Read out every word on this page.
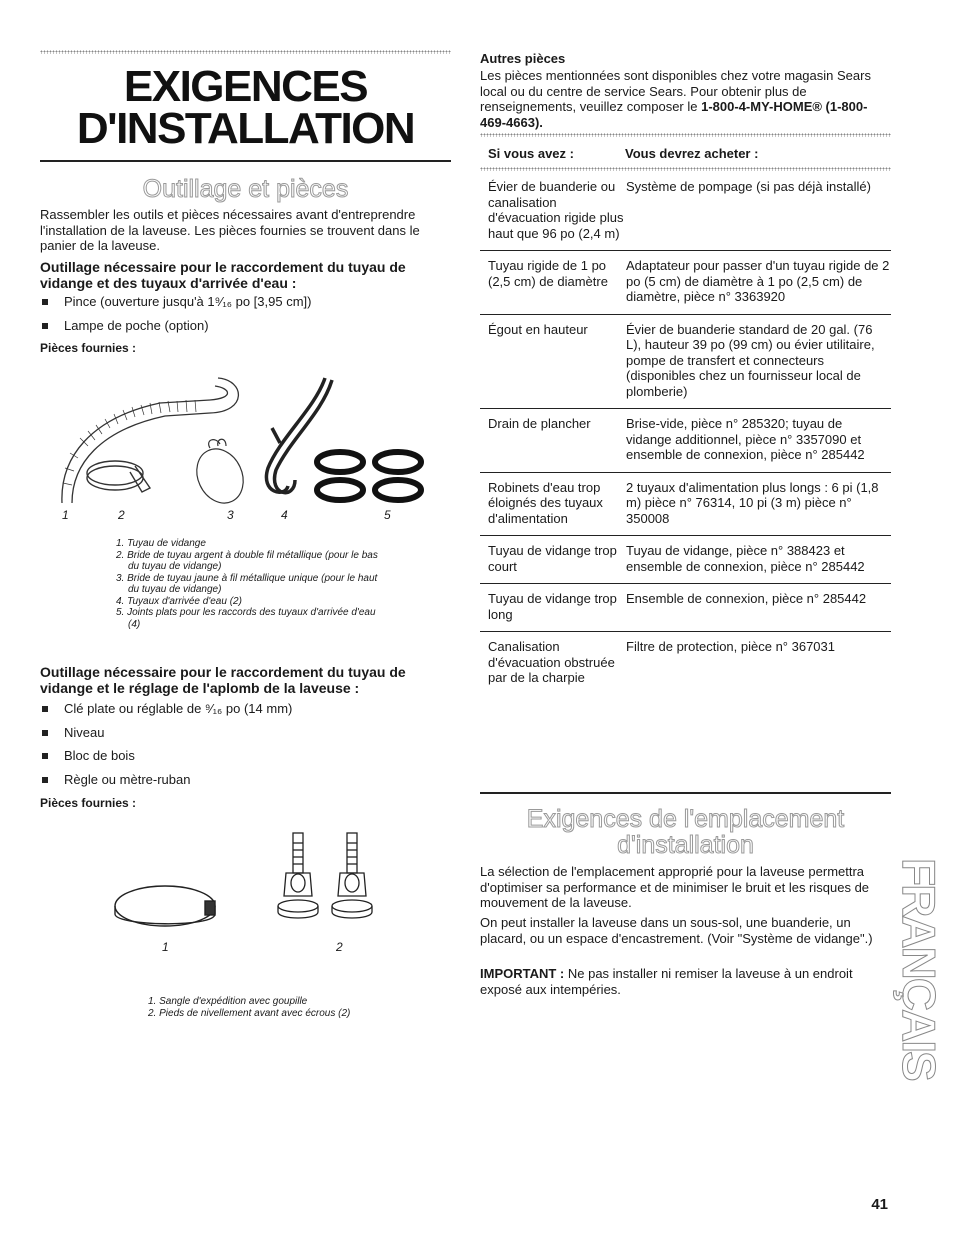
EXIGENCES
D'INSTALLATION
Outillage et pièces

Rassembler les outils et pièces nécessaires avant d'entreprendre l'installation de la laveuse. Les pièces fournies se trouvent dans le panier de la laveuse.

Outillage nécessaire pour le raccordement du tuyau de vidange et des tuyaux d'arrivée d'eau :

Pince (ouverture jusqu'à 1⁹⁄₁₆ po [3,95 cm])
Lampe de poche (option)

Pièces fournies :

1	2	3	4	5
1. Tuyau de vidange
2. Bride de tuyau argent à double fil métallique (pour le bas du tuyau de vidange)
3. Bride de tuyau jaune à fil métallique unique (pour le haut du tuyau de vidange)
4. Tuyaux d'arrivée d'eau (2)
5. Joints plats pour les raccords des tuyaux d'arrivée d'eau (4)

Outillage nécessaire pour le raccordement du tuyau de vidange et le réglage de l'aplomb de la laveuse :

Clé plate ou réglable de ⁹⁄₁₆ po (14 mm)
Niveau
Bloc de bois
Règle ou mètre-ruban

Pièces fournies :

1	2
1. Sangle d'expédition avec goupille
2. Pieds de nivellement avant avec écrous (2)

Autres pièces

Les pièces mentionnées sont disponibles chez votre magasin Sears local ou du centre de service Sears. Pour obtenir plus de renseignements, veuillez composer le 1-800-4-MY-HOME® (1-800-469-4663).

Si vous avez :	Vous devrez acheter :
Évier de buanderie ou canalisation d'évacuation rigide plus haut que 96 po (2,4 m)	Système de pompage (si pas déjà installé)
Tuyau rigide de 1 po (2,5 cm) de diamètre	Adaptateur pour passer d'un tuyau rigide de 2 po (5 cm) de diamètre à 1 po (2,5 cm) de diamètre, pièce n° 3363920
Égout en hauteur	Évier de buanderie standard de 20 gal. (76 L), hauteur 39 po (99 cm) ou évier utilitaire, pompe de transfert et connecteurs (disponibles chez un fournisseur local de plomberie)
Drain de plancher	Brise-vide, pièce n° 285320; tuyau de vidange additionnel, pièce n° 3357090 et ensemble de connexion, pièce n° 285442
Robinets d'eau trop éloignés des tuyaux d'alimentation	2 tuyaux d'alimentation plus longs : 6 pi (1,8 m) pièce n° 76314, 10 pi (3 m) pièce n° 350008
Tuyau de vidange trop court	Tuyau de vidange, pièce n° 388423 et ensemble de connexion, pièce n° 285442
Tuyau de vidange trop long	Ensemble de connexion, pièce n° 285442
Canalisation d'évacuation obstruée par de la charpie	Filtre de protection, pièce n° 367031
Exigences de l'emplacement
d'installation

La sélection de l'emplacement approprié pour la laveuse permettra d'optimiser sa performance et de minimiser le bruit et les risques de mouvement de la laveuse.

On peut installer la laveuse dans un sous-sol, une buanderie, un placard, ou un espace d'encastrement. (Voir "Système de vidange".)

IMPORTANT : Ne pas installer ni remiser la laveuse à un endroit exposé aux intempéries.	FRANÇAIS
41
